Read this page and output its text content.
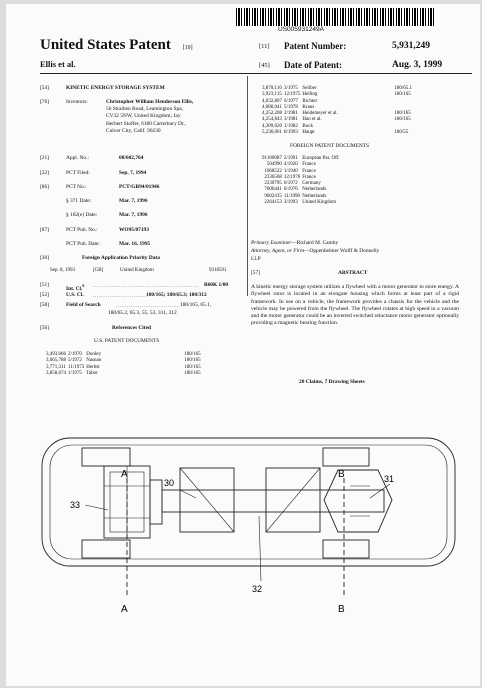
US005931249A
United States Patent [19]
Ellis et al.
[11] Patent Number:	5,931,249
[45] Date of Patent:	Aug. 3, 1999
[54]	KINETIC ENERGY STORAGE SYSTEM
[76]	Inventors:	Christopher William Henderson Ellis,
56 Straiben Road, Leamington Spa,
CV32 5NW, United Kingdom; Jay
Herbert Stoffer, 6180 Carterbury Dr.,
Culver City, Calif. 90230
[21]	Appl. No.:	08/602,764
[22]	PCT Filed:	Sep. 7, 1994
[86]	PCT No.:	PCT/GB94/01946
§ 371 Date:	Mar. 7, 1996
§ 102(e) Date:	Mar. 7, 1996
[87]	PCT Pub. No.:	WO95/07193
PCT Pub. Date:	Mar. 16, 1995
[30]	Foreign Application Priority Data
Sep. 8, 1993	[GB]	United Kingdom	9318591
[51]
Int. Cl.$^6$ ......................................................... B60K 1/00
[52]	U.S. Cl. ..............................
180/165; 180/65.3; 180/312
[58]	Field of Search	................................... 180/165, 65.1,
180/65.2, 65.3, 55, 53, 311, 312
[56]	References Cited
U.S. PATENT DOCUMENTS
3,493,066	2/1970	Dooley	180/165
3,665,788	5/1972	Nasnan	180/165
3,771,311	11/1973	Herbst	180/165
3,858,674	1/1975	Tabor	180/165
3,870,116	3/1975	Seliber	180/65.1
3,923,115	12/1975	Helling	180/165
4,032,807	6/1977	Richter	
4,088,041	5/1978	Kraus	
4,252,208	2/1981	Heidemeyer et al.	180/165
4,254,843	3/1981	Han et al.	180/165
4,309,620	1/1982	Bock	
5,236,061	8/1993	Haupt	180/55
FOREIGN PATENT DOCUMENTS
91100087	2/1991	European Pat. Off.
504990	4/1920	France
1068522	1/1940	France
2336568	12/1976	France
2230795	6/1972	Germany
7606441	6/1976	Netherlands
9002415	11/1990	Netherlands
2264153	3/1993	United Kingdom
Primary Examiner—Richard M. Camby
Attorney, Agent, or Firm—Oppenheimer Wolff & Donnelly
LLP
[57]	ABSTRACT
A kinetic energy storage system utilizes a flywheel with a motor generator to store energy. A flywheel rotor is located in an elongate housing which forms at least part of a rigid framework. In use on a vehicle, the framework provides a chassis for the vehicle and the vehicle may be powered from the flywheel. The flywheel rotates at high speed in a vacuum and the motor generator could be an inverted switched reluctance motor generator optionally providing a magnetic bearing function.
20 Claims, 7 Drawing Sheets
A
A
B
B
30	31
32
33
